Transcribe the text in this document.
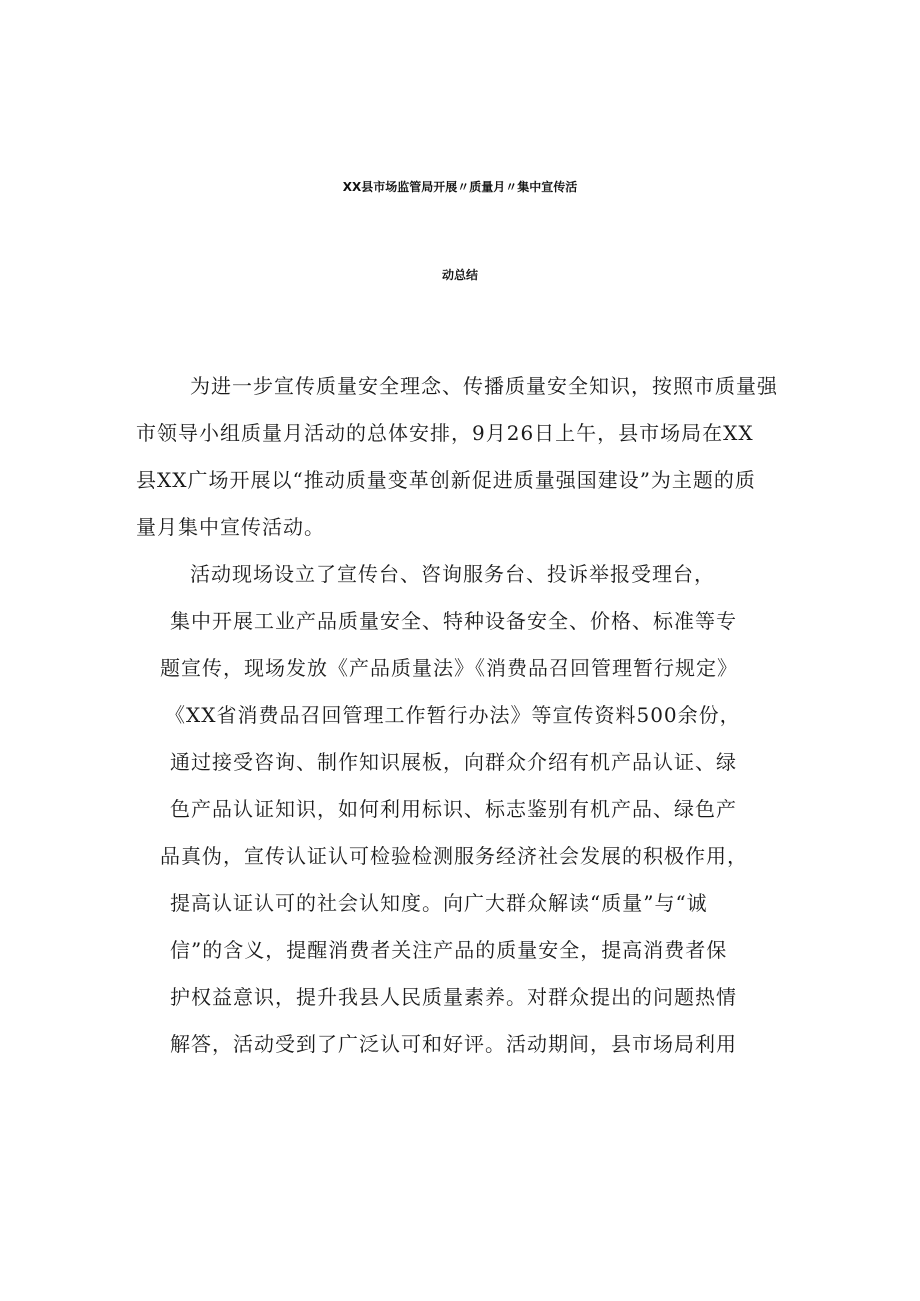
XX县市场监管局开展〃质量月〃集中宣传活
动总结
为进一步宣传质量安全理念、传播质量安全知识，按照市质量强
市领导小组质量月活动的总体安排，9月26日上午，县市场局在XX
县XX广场开展以“推动质量变革创新促进质量强国建设”为主题的质
量月集中宣传活动。
活动现场设立了宣传台、咨询服务台、投诉举报受理台，
集中开展工业产品质量安全、特种设备安全、价格、标准等专
题宣传，现场发放《产品质量法》《消费品召回管理暂行规定》
《XX省消费品召回管理工作暂行办法》等宣传资料500余份，
通过接受咨询、制作知识展板，向群众介绍有机产品认证、绿
色产品认证知识，如何利用标识、标志鉴别有机产品、绿色产
品真伪，宣传认证认可检验检测服务经济社会发展的积极作用，
提高认证认可的社会认知度。向广大群众解读“质量”与“诚
信”的含义，提醒消费者关注产品的质量安全，提高消费者保
护权益意识，提升我县人民质量素养。对群众提出的问题热情
解答，活动受到了广泛认可和好评。活动期间，县市场局利用
